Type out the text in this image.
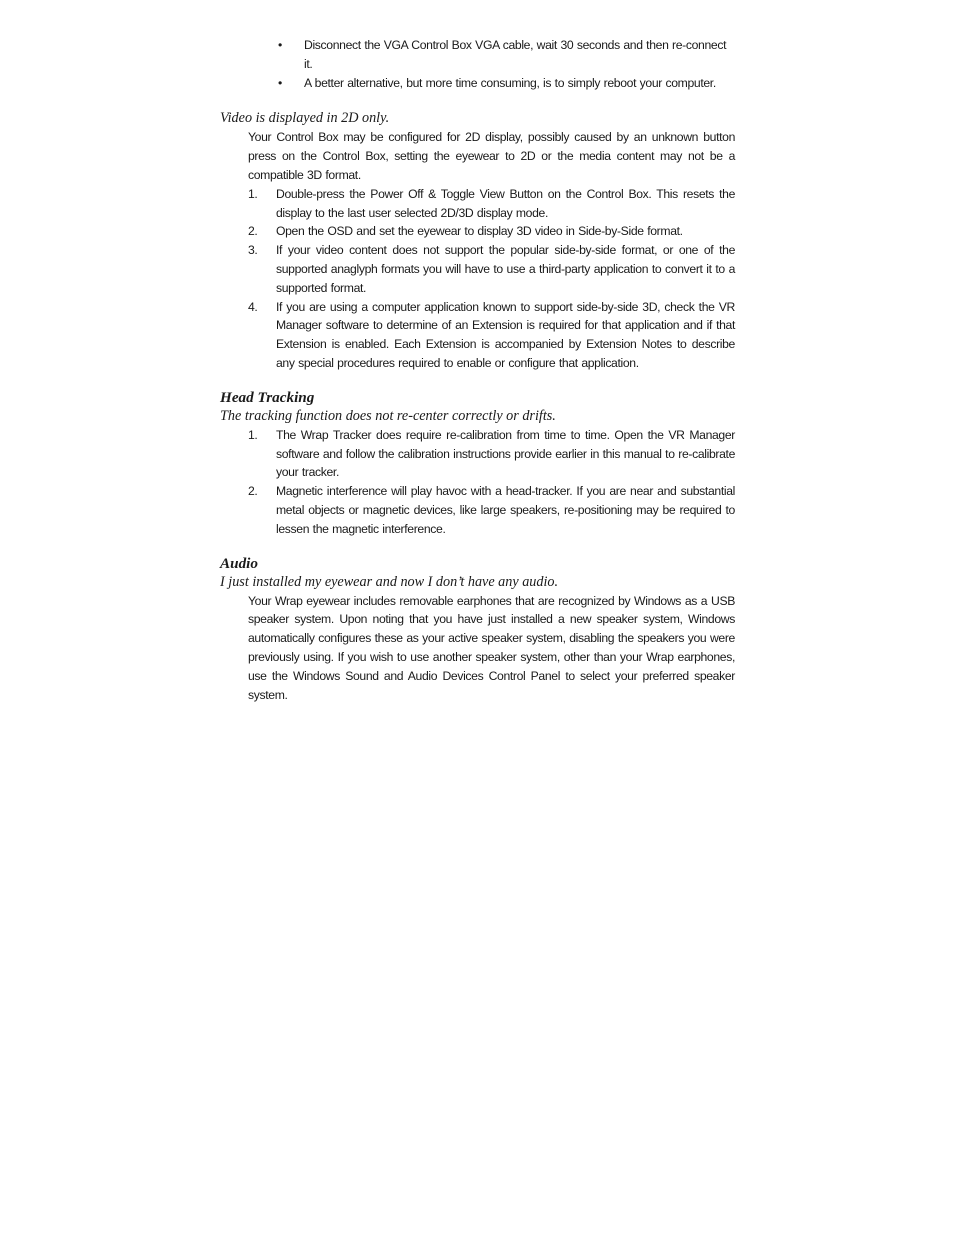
• Disconnect the VGA Control Box VGA cable, wait 30 seconds and then re-connect it.
• A better alternative, but more time consuming, is to simply reboot your computer.
Video is displayed in 2D only.

Your Control Box may be configured for 2D display, possibly caused by an unknown button press on the Control Box, setting the eyewear to 2D or the media content may not be a compatible 3D format.

1. Double-press the Power Off & Toggle View Button on the Control Box. This resets the display to the last user selected 2D/3D display mode.
2. Open the OSD and set the eyewear to display 3D video in Side-by-Side format.
3. If your video content does not support the popular side-by-side format, or one of the supported anaglyph formats you will have to use a third-party application to convert it to a supported format.
4. If you are using a computer application known to support side-by-side 3D, check the VR Manager software to determine of an Extension is required for that application and if that Extension is enabled. Each Extension is accompanied by Extension Notes to describe any special procedures required to enable or configure that application.
Head Tracking
The tracking function does not re-center correctly or drifts.
1. The Wrap Tracker does require re-calibration from time to time. Open the VR Manager software and follow the calibration instructions provide earlier in this manual to re-calibrate your tracker.
2. Magnetic interference will play havoc with a head-tracker. If you are near and substantial metal objects or magnetic devices, like large speakers, re-positioning may be required to lessen the magnetic interference.
Audio
I just installed my eyewear and now I don’t have any audio.

Your Wrap eyewear includes removable earphones that are recognized by Windows as a USB speaker system. Upon noting that you have just installed a new speaker system, Windows automatically configures these as your active speaker system, disabling the speakers you were previously using. If you wish to use another speaker system, other than your Wrap earphones, use the Windows Sound and Audio Devices Control Panel to select your preferred speaker system.
